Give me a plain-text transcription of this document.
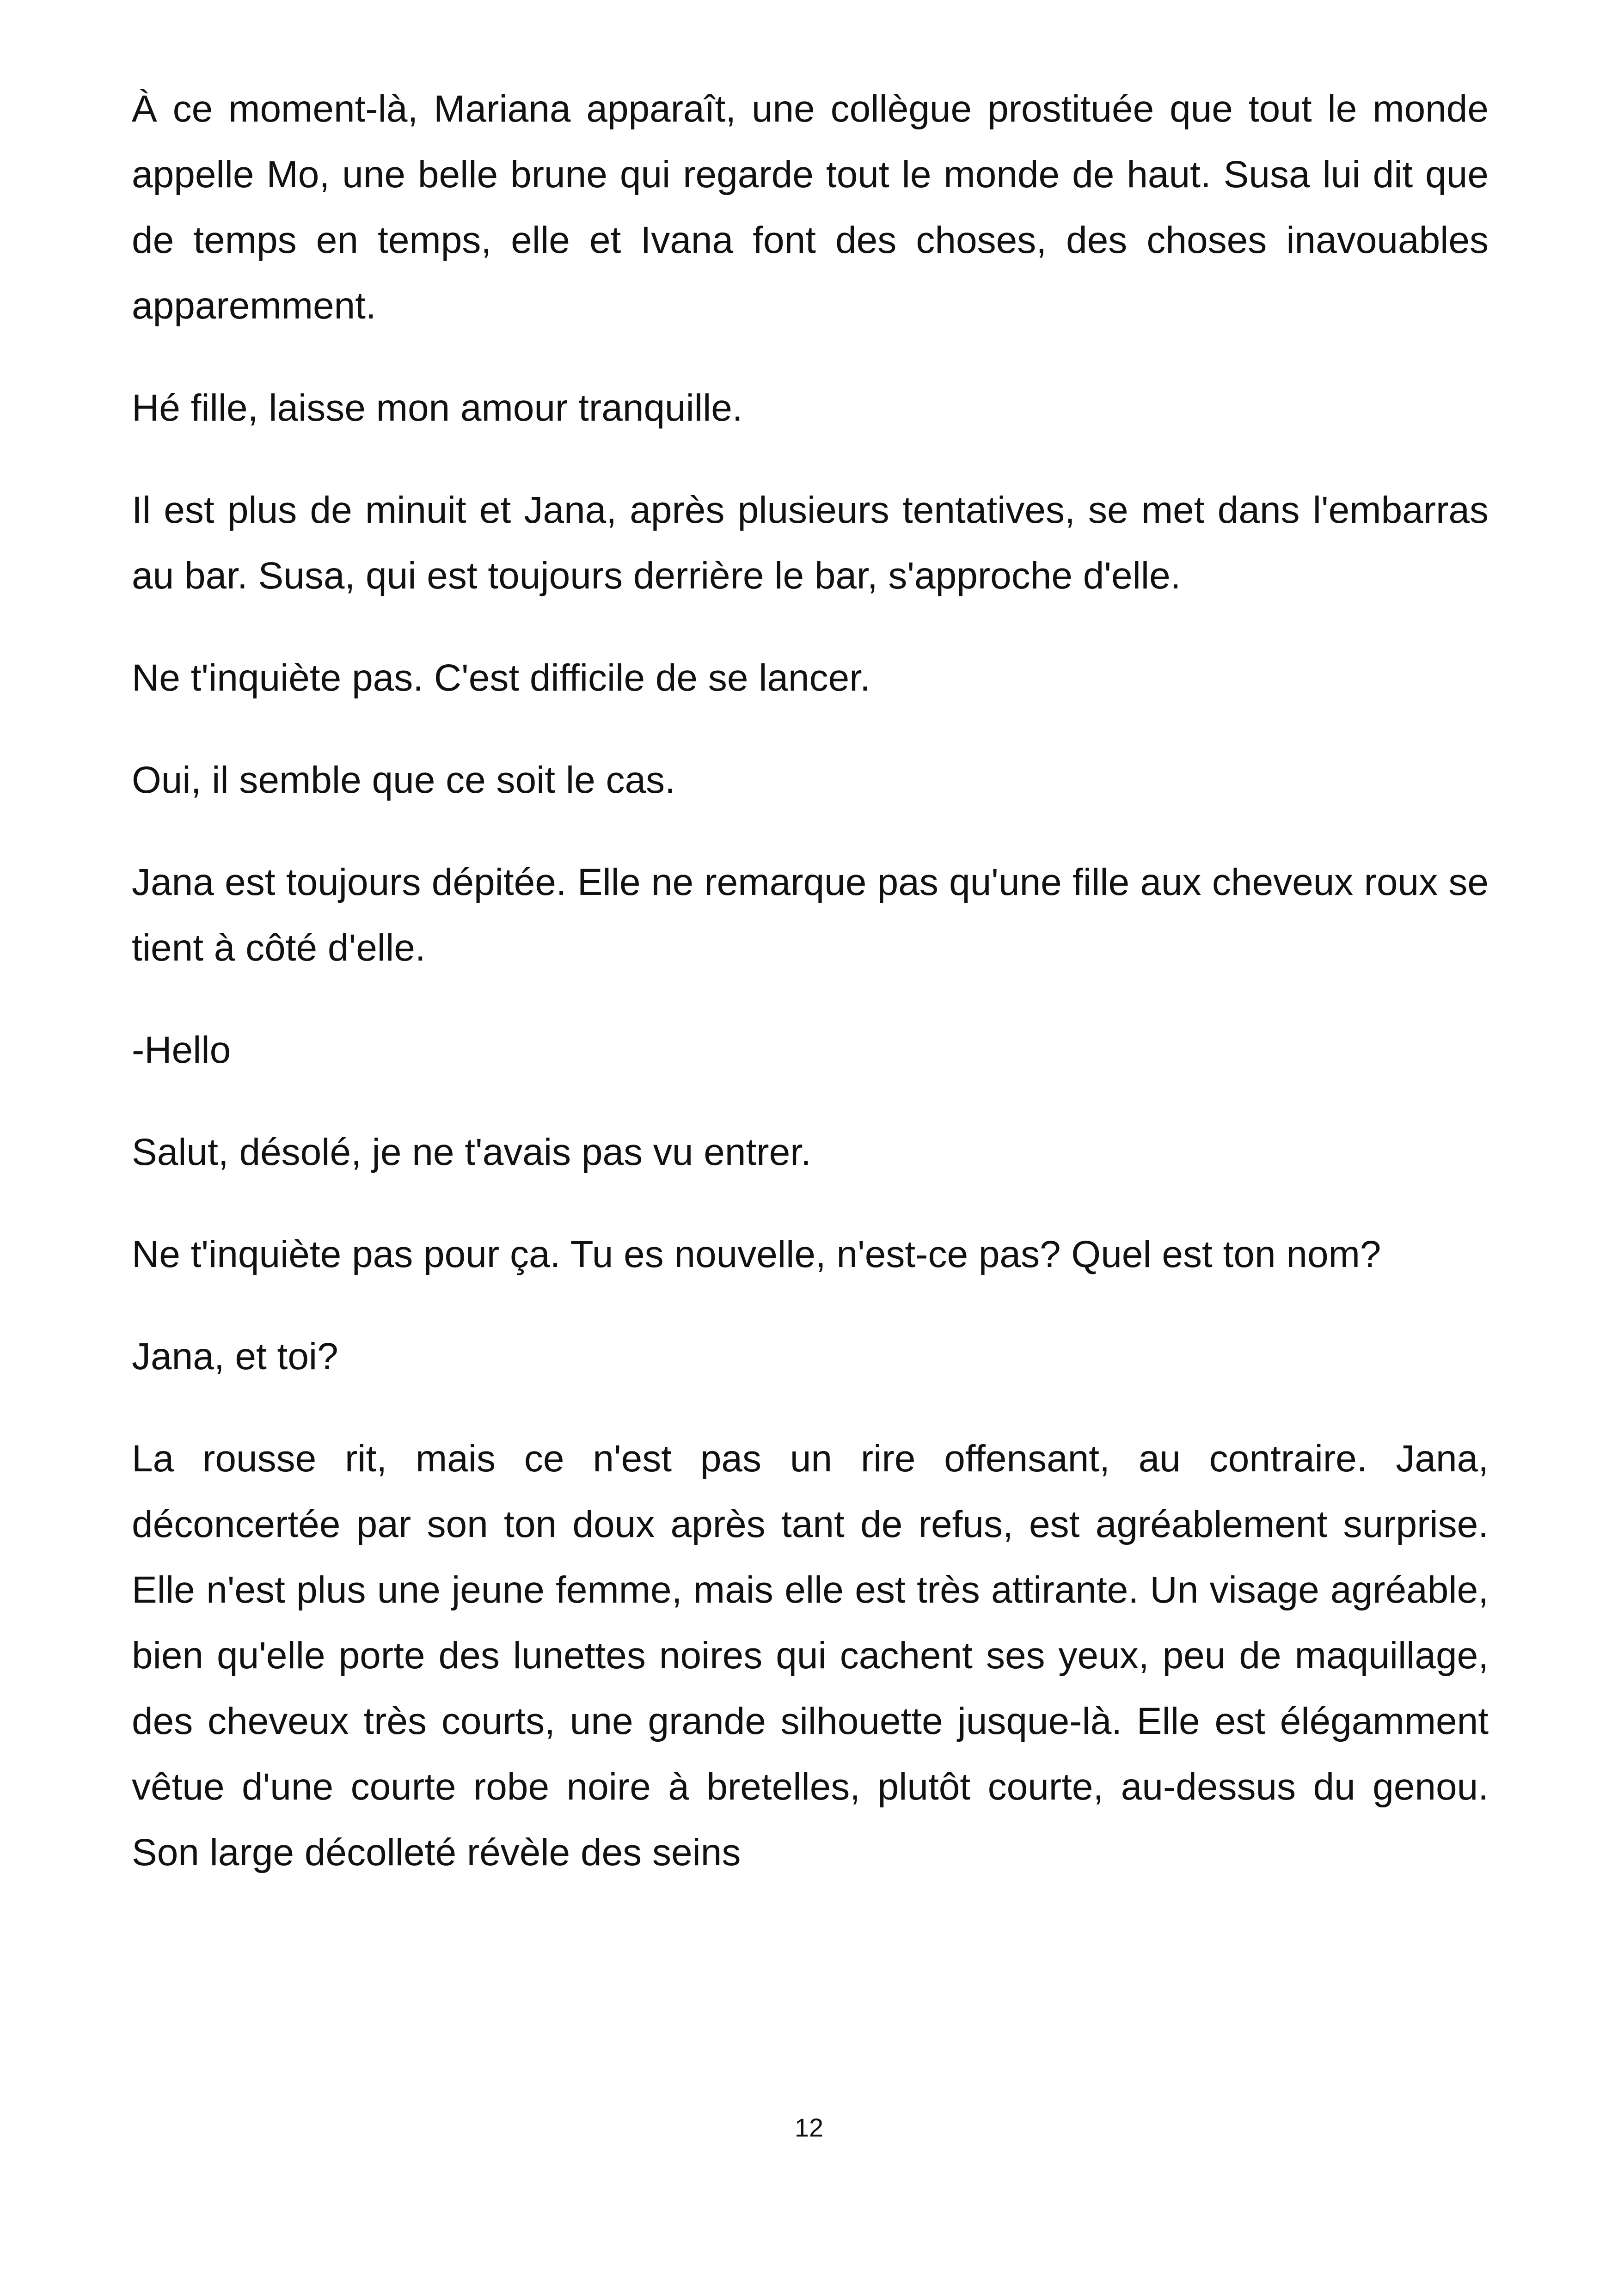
À ce moment-là, Mariana apparaît, une collègue prostituée que tout le monde appelle Mo, une belle brune qui regarde tout le monde de haut. Susa lui dit que de temps en temps, elle et Ivana font des choses, des choses inavouables apparemment.

Hé fille, laisse mon amour tranquille.

Il est plus de minuit et Jana, après plusieurs tentatives, se met dans l'embarras au bar. Susa, qui est toujours derrière le bar, s'approche d'elle.

Ne t'inquiète pas. C'est difficile de se lancer.

Oui, il semble que ce soit le cas.

Jana est toujours dépitée. Elle ne remarque pas qu'une fille aux cheveux roux se tient à côté d'elle.

-Hello

Salut, désolé, je ne t'avais pas vu entrer.

Ne t'inquiète pas pour ça. Tu es nouvelle, n'est-ce pas? Quel est ton nom?

Jana, et toi?

La rousse rit, mais ce n'est pas un rire offensant, au contraire. Jana, déconcertée par son ton doux après tant de refus, est agréablement surprise. Elle n'est plus une jeune femme, mais elle est très attirante. Un visage agréable, bien qu'elle porte des lunettes noires qui cachent ses yeux, peu de maquillage, des cheveux très courts, une grande silhouette jusque-là. Elle est élégamment vêtue d'une courte robe noire à bretelles, plutôt courte, au-dessus du genou. Son large décolleté révèle des seins

12
